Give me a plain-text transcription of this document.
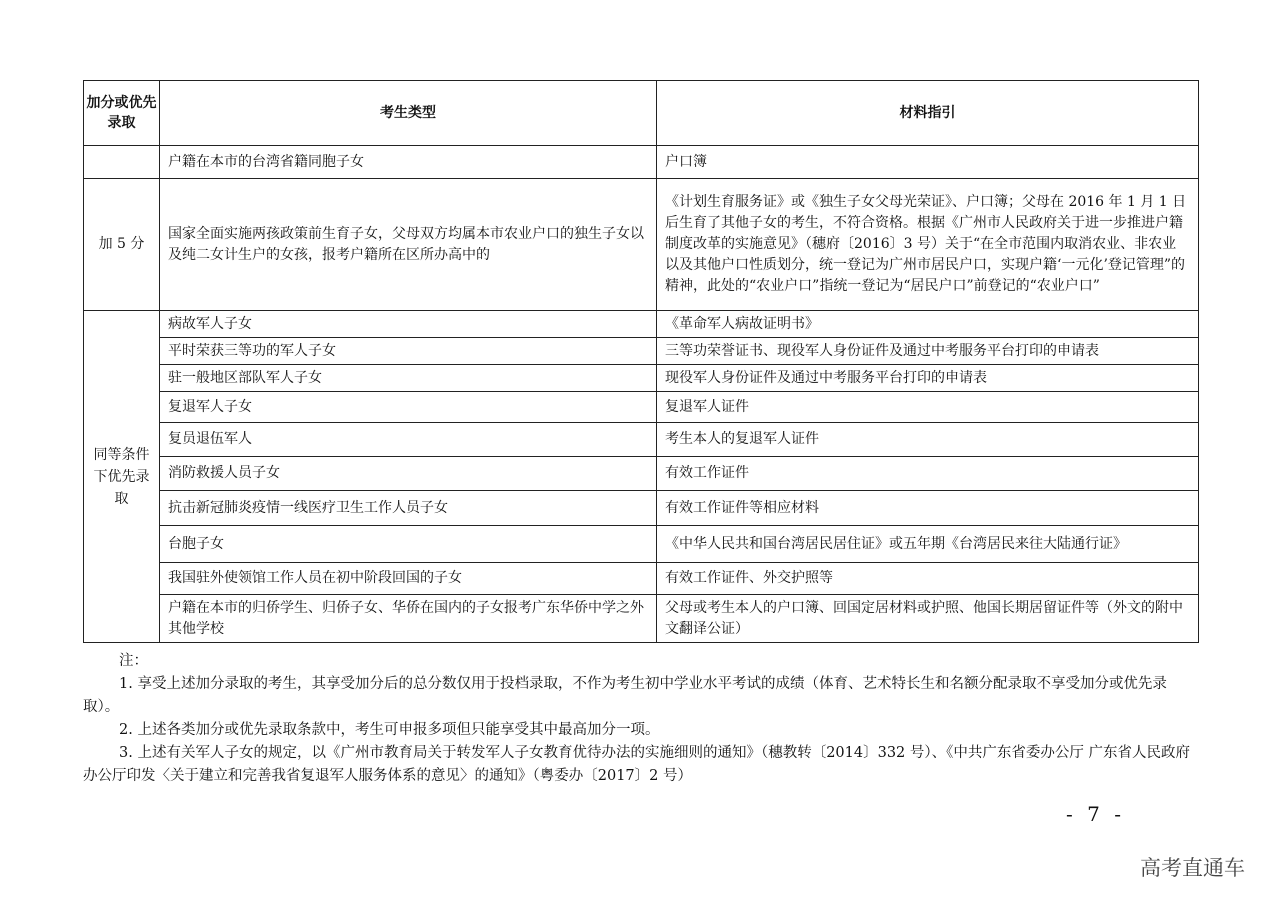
加分或优先录取	考生类型	材料指引
	户籍在本市的台湾省籍同胞子女	户口簿
加 5 分	国家全面实施两孩政策前生育子女，父母双方均属本市农业户口的独生子女以及纯二女计生户的女孩，报考户籍所在区所办高中的	《计划生育服务证》或《独生子女父母光荣证》、户口簿；父母在 2016 年 1 月 1 日后生育了其他子女的考生，不符合资格。根据《广州市人民政府关于进一步推进户籍制度改革的实施意见》（穗府〔2016〕3 号）关于“在全市范围内取消农业、非农业以及其他户口性质划分，统一登记为广州市居民户口，实现户籍‘一元化’登记管理”的精神，此处的“农业户口”指统一登记为“居民户口”前登记的“农业户口”
同等条件下优先录取	病故军人子女	《革命军人病故证明书》
	平时荣获三等功的军人子女	三等功荣誉证书、现役军人身份证件及通过中考服务平台打印的申请表
	驻一般地区部队军人子女	现役军人身份证件及通过中考服务平台打印的申请表
	复退军人子女	复退军人证件
	复员退伍军人	考生本人的复退军人证件
	消防救援人员子女	有效工作证件
	抗击新冠肺炎疫情一线医疗卫生工作人员子女	有效工作证件等相应材料
	台胞子女	《中华人民共和国台湾居民居住证》或五年期《台湾居民来往大陆通行证》
	我国驻外使领馆工作人员在初中阶段回国的子女	有效工作证件、外交护照等
	户籍在本市的归侨学生、归侨子女、华侨在国内的子女报考广东华侨中学之外其他学校	父母或考生本人的户口簿、回国定居材料或护照、他国长期居留证件等（外文的附中文翻译公证）

注：

1. 享受上述加分录取的考生，其享受加分后的总分数仅用于投档录取，不作为考生初中学业水平考试的成绩（体育、艺术特长生和名额分配录取不享受加分或优先录取）。

2. 上述各类加分或优先录取条款中，考生可申报多项但只能享受其中最高加分一项。

3. 上述有关军人子女的规定，以《广州市教育局关于转发军人子女教育优待办法的实施细则的通知》（穗教转〔2014〕332 号）、《中共广东省委办公厅 广东省人民政府办公厅印发〈关于建立和完善我省复退军人服务体系的意见〉的通知》（粤委办〔2017〕2 号）

- 7 -
高考直通车
